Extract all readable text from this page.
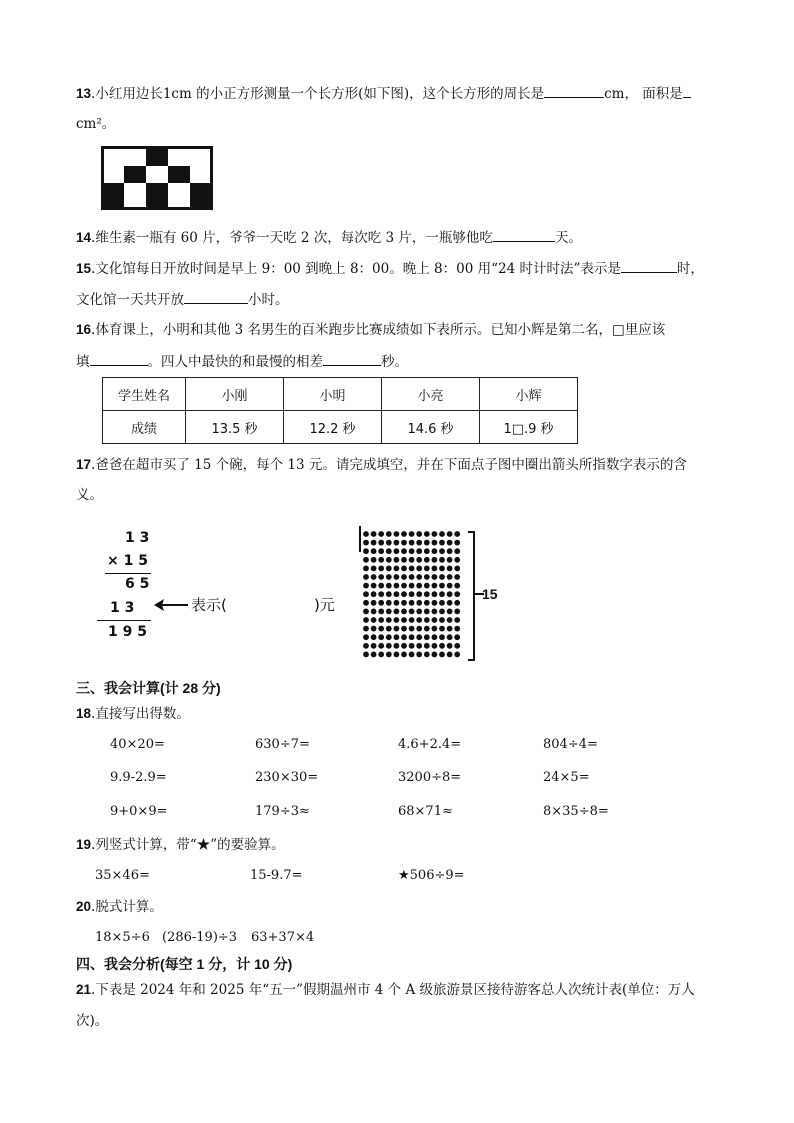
13.小红用边长1cm 的小正方形测量一个长方形(如下图)，这个长方形的周长是	cm， 面积是
cm²。
14.维生素一瓶有 60 片，爷爷一天吃 2 次，每次吃 3 片，一瓶够他吃	天。
15.文化馆每日开放时间是早上 9：00 到晚上 8：00。晚上 8：00 用“24 时计时法”表示是	时，
文化馆一天共开放	小时。
16.体育课上，小明和其他 3 名男生的百米跑步比赛成绩如下表所示。已知小辉是第二名，□里应该
填	。四人中最快的和最慢的相差	秒。
学生姓名	小刚	小明	小亮	小辉
成绩	13.5 秒	12.2 秒	14.6 秒	1□.9 秒
17.爸爸在超市买了 15 个碗，每个 13 元。请完成填空，并在下面点子图中圈出箭头所指数字表示的含
义。
1 3
× 1 5
6 5
1 3
1 9 5
表示(	)元
15
三、我会计算(计 28 分)
18.直接写出得数。
40×20=	630÷7=	4.6+2.4=	804÷4=
9.9-2.9=	230×30=	3200÷8=	24×5=
9+0×9=	179÷3≈	68×71≈	8×35÷8=
19.列竖式计算，带“★”的要验算。
35×46=	15-9.7=	★506÷9=
20.脱式计算。
18×5÷6 (286-19)÷3 63+37×4
四、我会分析(每空 1 分，计 10 分)
21.下表是 2024 年和 2025 年“五一”假期温州市 4 个 A 级旅游景区接待游客总人次统计表(单位：万人
次)。
